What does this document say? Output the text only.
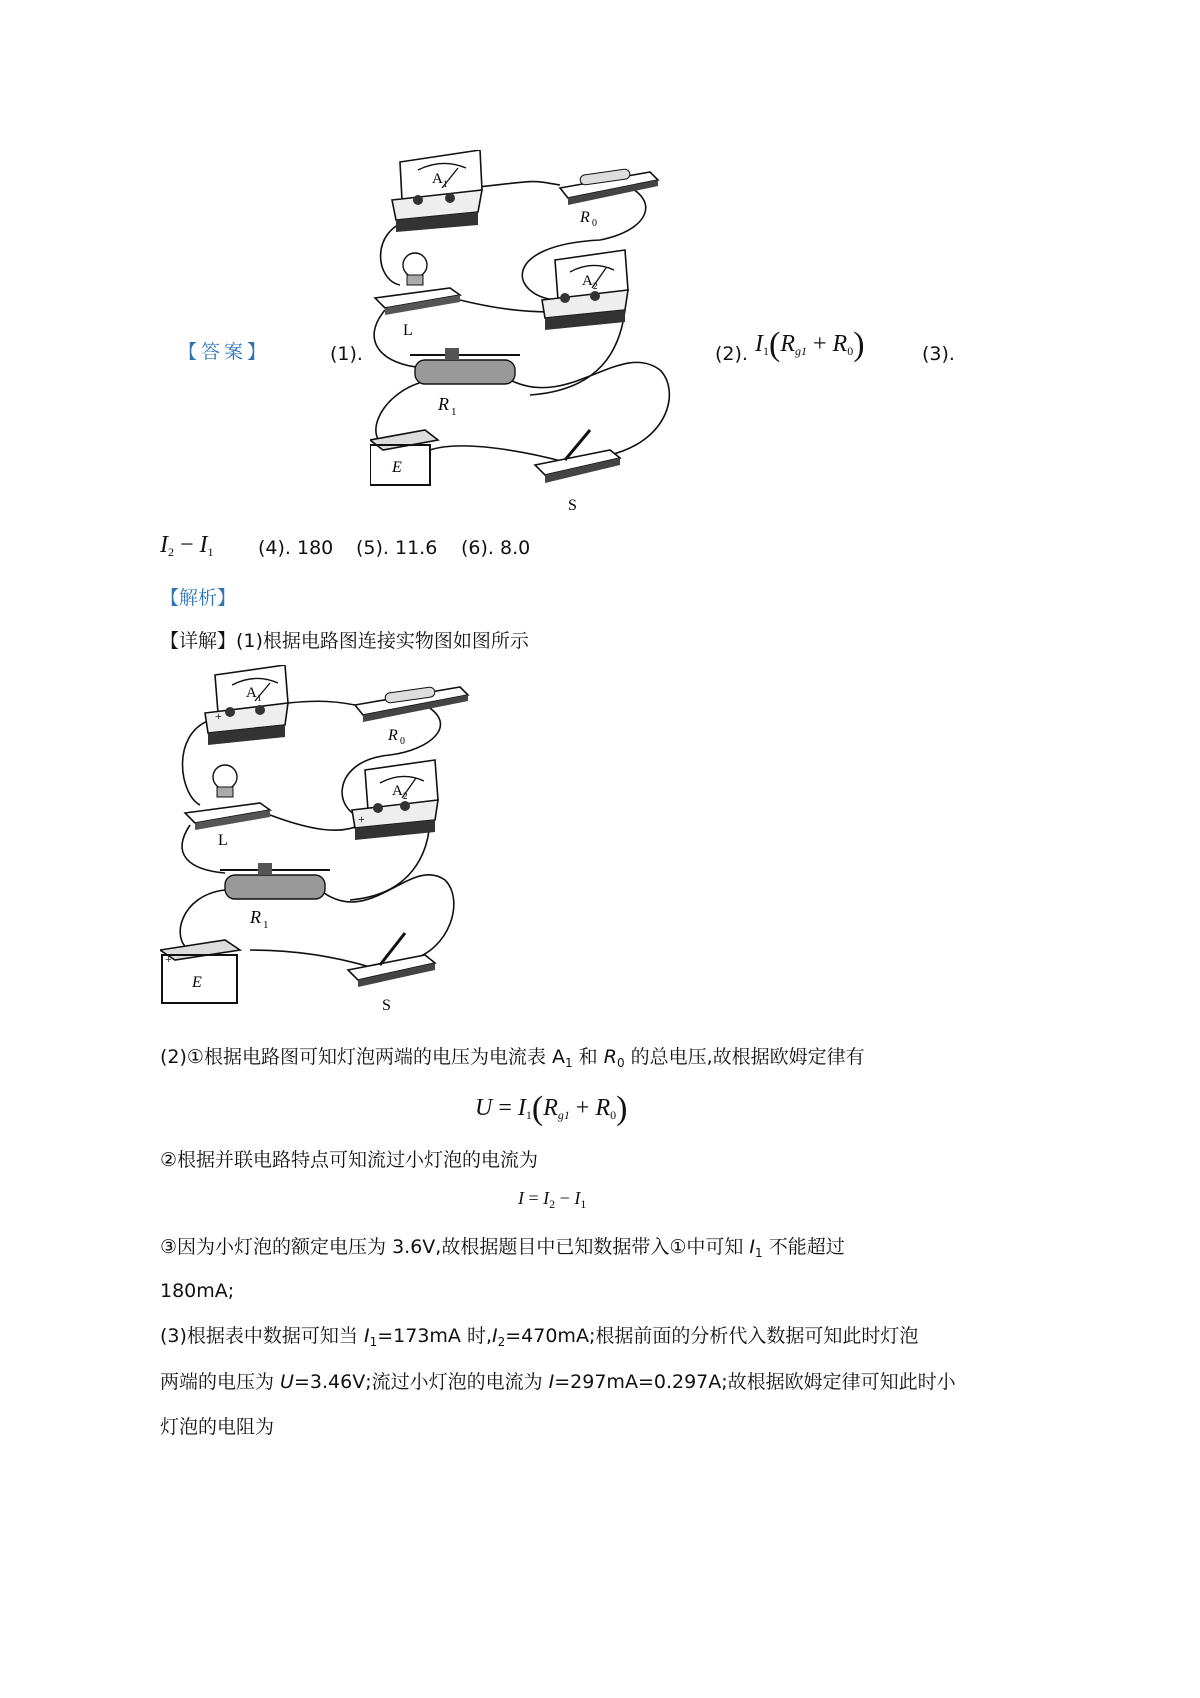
【答案】	(1).
A 1
R 0
L
A 2
R 1
E
S
(2). $I_1(R_{g1} + R_0)$	(3).
$I_2 - I_1$ (4). 180 (5). 11.6 (6). 8.0
【解析】
【详解】(1)根据电路图连接实物图如图所示
A 1
+
R 0
L
A 2
+
R 1
+
E
S
(2)①根据电路图可知灯泡两端的电压为电流表 $A_1$ 和 $R_0$ 的总电压,故根据欧姆定律有
$U = I_1(R_{g1} + R_0)$
②根据并联电路特点可知流过小灯泡的电流为
$I = I_2 - I_1$
③因为小灯泡的额定电压为 3.6V,故根据题目中已知数据带入①中可知 $I_1$ 不能超过
180mA;
(3)根据表中数据可知当 $I_1=173mA$ 时$,I_2=470mA$;根据前面的分析代入数据可知此时灯泡
两端的电压为 U=3.46V;流过小灯泡的电流为 I=297mA=0.297A;故根据欧姆定律可知此时小
灯泡的电阻为
